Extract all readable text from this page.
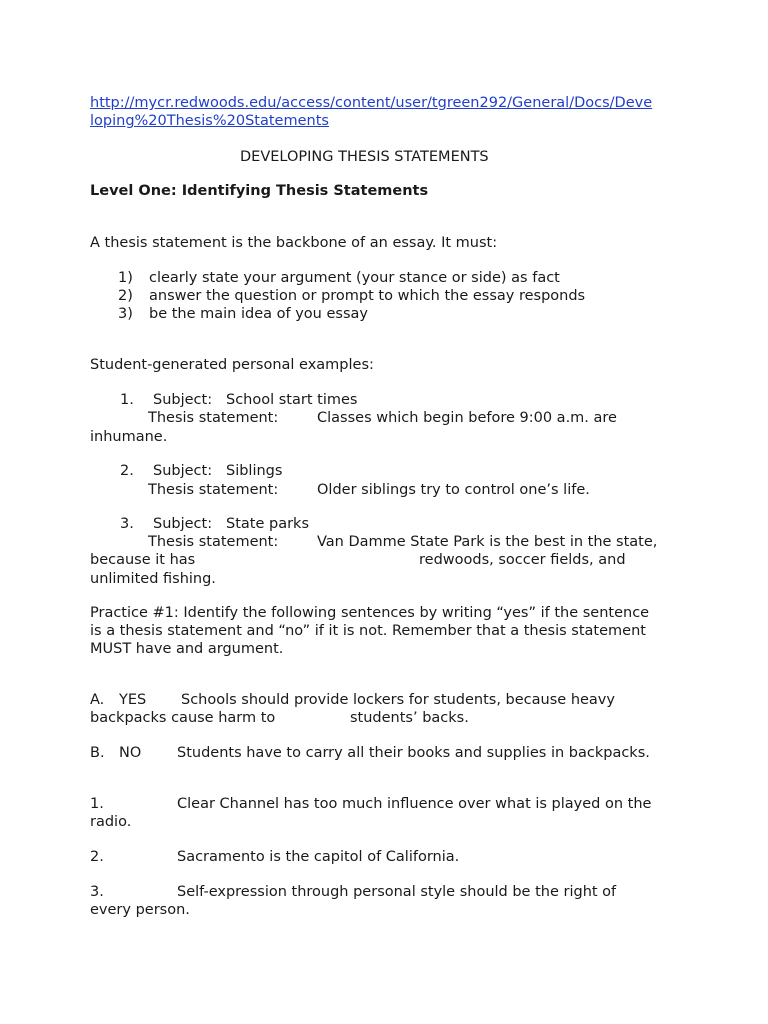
http://mycr.redwoods.edu/access/content/user/tgreen292/General/Docs/Deve
loping%20Thesis%20Statements
DEVELOPING THESIS STATEMENTS
Level One: Identifying Thesis Statements
A thesis statement is the backbone of an essay. It must:
1) clearly state your argument (your stance or side) as fact
2) answer the question or prompt to which the essay responds
3) be the main idea of you essay
Student-generated personal examples:
1. Subject: School start times
Thesis statement:	Classes which begin before 9:00 a.m. are
inhumane.
2. Subject: Siblings
Thesis statement:	Older siblings try to control one’s life.
3. Subject: State parks
Thesis statement:	Van Damme State Park is the best in the state,
because it has	redwoods, soccer fields, and
unlimited fishing.
Practice #1: Identify the following sentences by writing “yes” if the sentence
is a thesis statement and “no” if it is not. Remember that a thesis statement
MUST have and argument.
A. YES Schools should provide lockers for students, because heavy
backpacks cause harm to	students’ backs.
B. NO Students have to carry all their books and supplies in backpacks.
1.	Clear Channel has too much influence over what is played on the
radio.
2.	Sacramento is the capitol of California.
3.	Self-expression through personal style should be the right of
every person.
